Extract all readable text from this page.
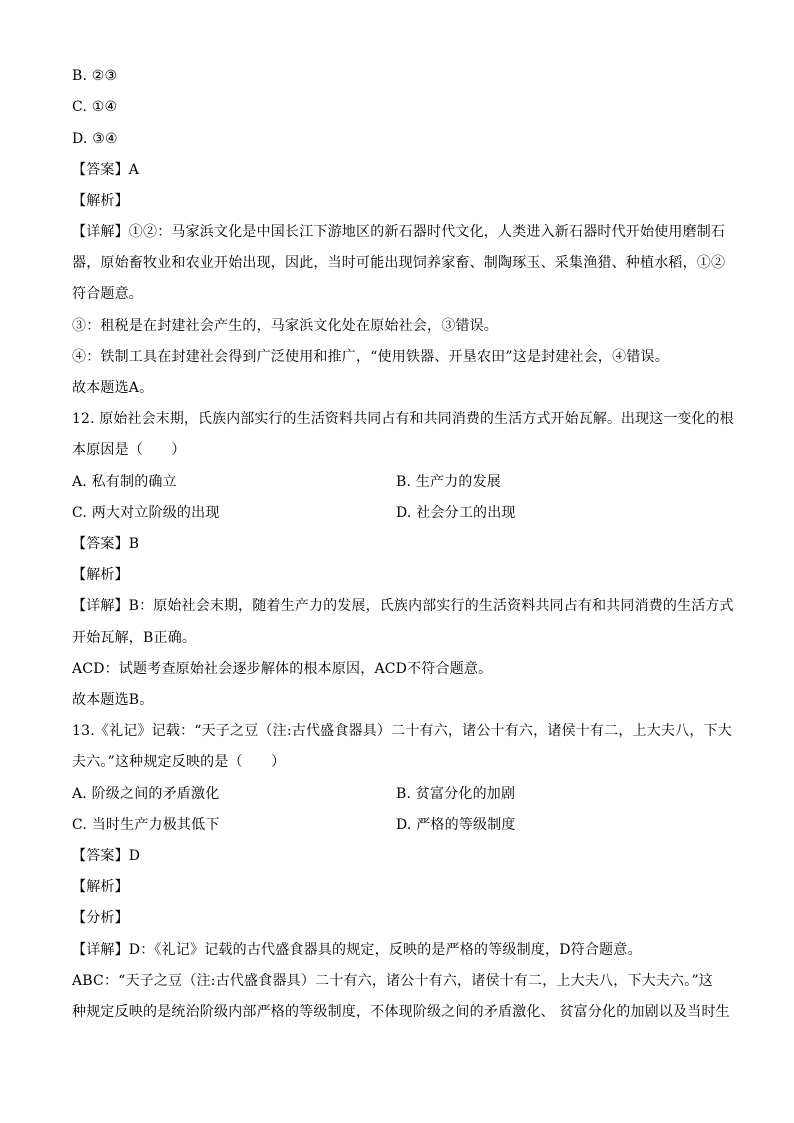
B. ②③
C. ①④
D. ③④
【答案】A
【解析】
【详解】①②：马家浜文化是中国长江下游地区的新石器时代文化，人类进入新石器时代开始使用磨制石
器，原始畜牧业和农业开始出现，因此，当时可能出现饲养家畜、制陶琢玉、采集渔猎、种植水稻，①②
符合题意。
③：租税是在封建社会产生的，马家浜文化处在原始社会，③错误。
④：铁制工具在封建社会得到广泛使用和推广，“使用铁器、开垦农田”这是封建社会，④错误。
故本题选A。
12. 原始社会末期，氏族内部实行的生活资料共同占有和共同消费的生活方式开始瓦解。出现这一变化的根
本原因是（　　）
A. 私有制的确立	B. 生产力的发展
C. 两大对立阶级的出现	D. 社会分工的出现
【答案】B
【解析】
【详解】B：原始社会末期，随着生产力的发展，氏族内部实行的生活资料共同占有和共同消费的生活方式
开始瓦解，B正确。
ACD：试题考查原始社会逐步解体的根本原因，ACD不符合题意。
故本题选B。
13.《礼记》记载：“天子之豆（注:古代盛食器具）二十有六，诸公十有六，诸侯十有二，上大夫八，下大
夫六。”这种规定反映的是（　　）
A. 阶级之间的矛盾激化	B. 贫富分化的加剧
C. 当时生产力极其低下	D. 严格的等级制度
【答案】D
【解析】
【分析】
【详解】D：《礼记》记载的古代盛食器具的规定，反映的是严格的等级制度，D符合题意。
ABC：“天子之豆（注:古代盛食器具）二十有六，诸公十有六，诸侯十有二，上大夫八，下大夫六。”这
种规定反映的是统治阶级内部严格的等级制度，不体现阶级之间的矛盾激化、 贫富分化的加剧以及当时生
